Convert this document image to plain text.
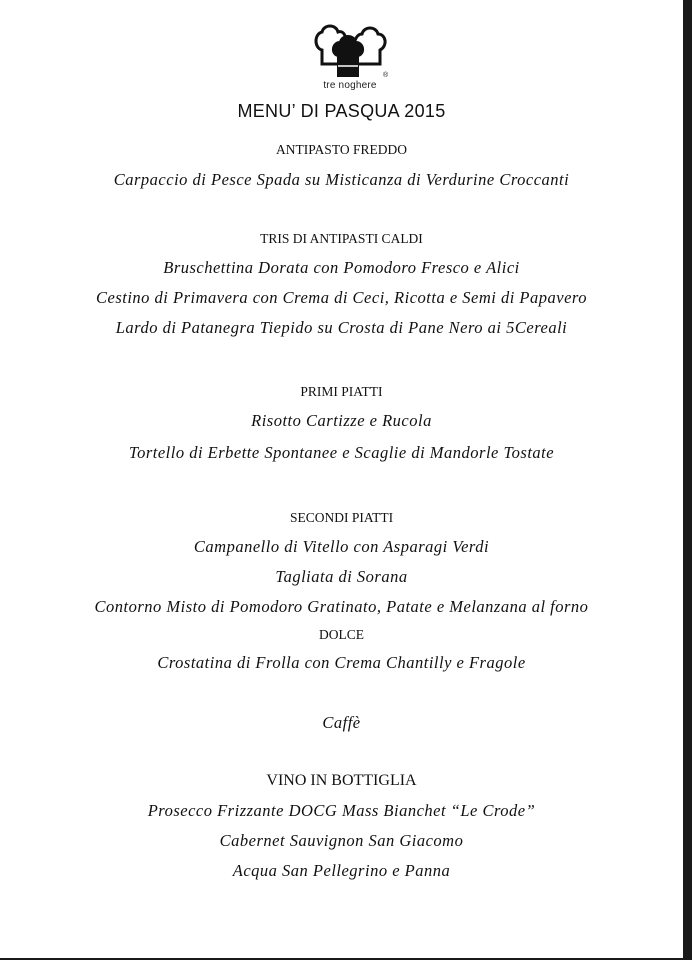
®
tre noghere
MENU’ DI PASQUA 2015
ANTIPASTO FREDDO
Carpaccio di Pesce Spada su Misticanza di Verdurine Croccanti
TRIS DI ANTIPASTI CALDI
Bruschettina Dorata con Pomodoro Fresco e Alici
Cestino di Primavera con Crema di Ceci, Ricotta e Semi di Papavero
Lardo di Patanegra Tiepido su Crosta di Pane Nero ai 5Cereali
PRIMI PIATTI
Risotto Cartizze e Rucola
Tortello di Erbette Spontanee e Scaglie di Mandorle Tostate
SECONDI PIATTI
Campanello di Vitello con Asparagi Verdi
Tagliata di Sorana
Contorno Misto di Pomodoro Gratinato, Patate e Melanzana al forno
DOLCE
Crostatina di Frolla con Crema Chantilly e Fragole
Caffè
VINO IN BOTTIGLIA
Prosecco Frizzante DOCG Mass Bianchet “Le Crode”
Cabernet Sauvignon San Giacomo
Acqua San Pellegrino e Panna
